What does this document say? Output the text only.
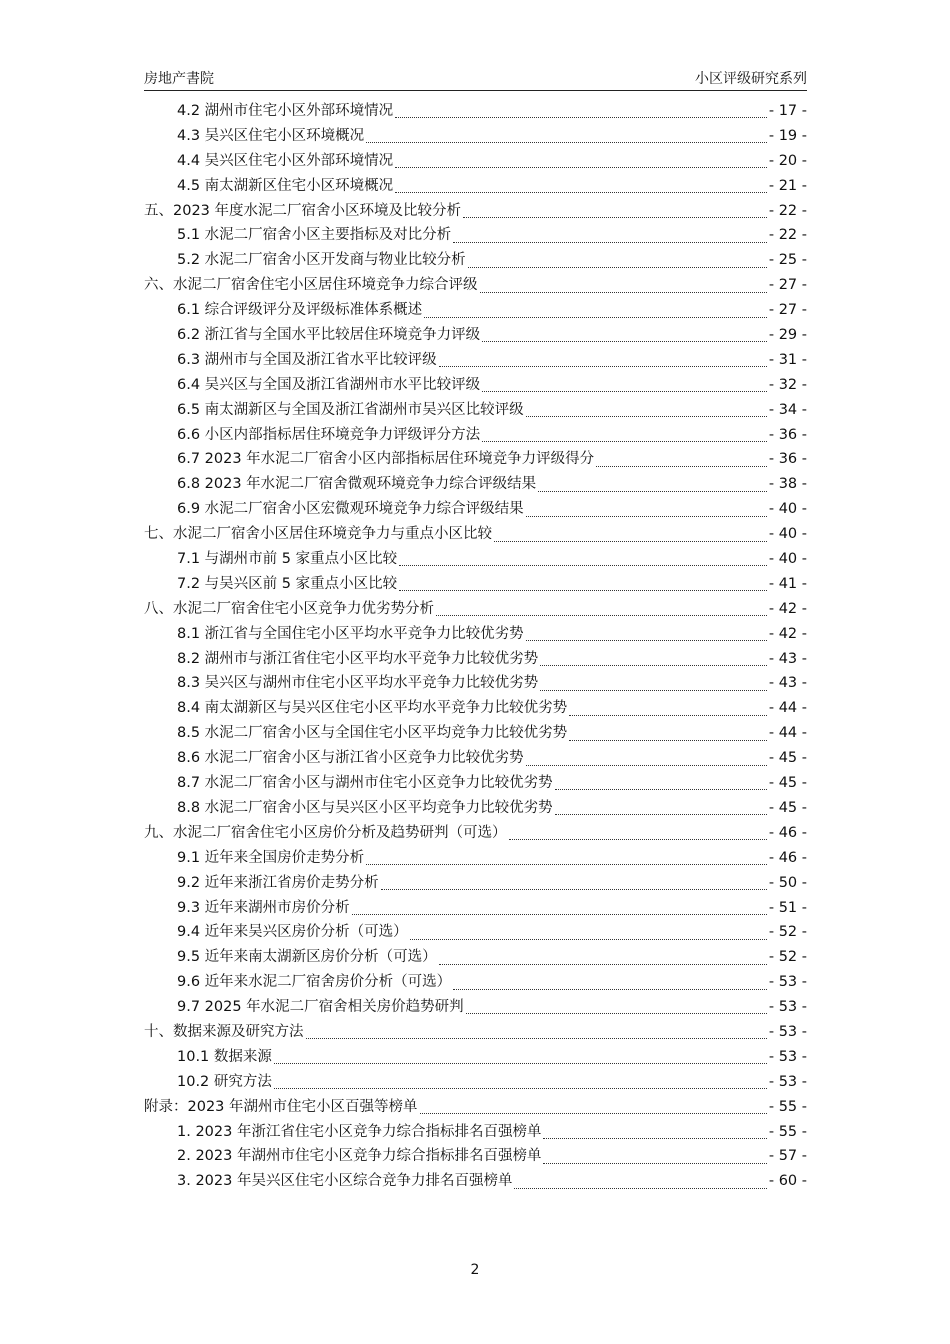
房地产書院	小区评级研究系列
4.2 湖州市住宅小区外部环境情况	- 17 -
4.3 吴兴区住宅小区环境概况	- 19 -
4.4 吴兴区住宅小区外部环境情况	- 20 -
4.5 南太湖新区住宅小区环境概况	- 21 -
五、2023 年度水泥二厂宿舍小区环境及比较分析	- 22 -
5.1 水泥二厂宿舍小区主要指标及对比分析	- 22 -
5.2 水泥二厂宿舍小区开发商与物业比较分析	- 25 -
六、水泥二厂宿舍住宅小区居住环境竞争力综合评级	- 27 -
6.1 综合评级评分及评级标准体系概述	- 27 -
6.2 浙江省与全国水平比较居住环境竞争力评级	- 29 -
6.3 湖州市与全国及浙江省水平比较评级	- 31 -
6.4 吴兴区与全国及浙江省湖州市水平比较评级	- 32 -
6.5 南太湖新区与全国及浙江省湖州市吴兴区比较评级	- 34 -
6.6 小区内部指标居住环境竞争力评级评分方法	- 36 -
6.7 2023 年水泥二厂宿舍小区内部指标居住环境竞争力评级得分	- 36 -
6.8 2023 年水泥二厂宿舍微观环境竞争力综合评级结果	- 38 -
6.9 水泥二厂宿舍小区宏微观环境竞争力综合评级结果	- 40 -
七、水泥二厂宿舍小区居住环境竞争力与重点小区比较	- 40 -
7.1 与湖州市前 5 家重点小区比较	- 40 -
7.2 与吴兴区前 5 家重点小区比较	- 41 -
八、水泥二厂宿舍住宅小区竞争力优劣势分析	- 42 -
8.1 浙江省与全国住宅小区平均水平竞争力比较优劣势	- 42 -
8.2 湖州市与浙江省住宅小区平均水平竞争力比较优劣势	- 43 -
8.3 吴兴区与湖州市住宅小区平均水平竞争力比较优劣势	- 43 -
8.4 南太湖新区与吴兴区住宅小区平均水平竞争力比较优劣势	- 44 -
8.5 水泥二厂宿舍小区与全国住宅小区平均竞争力比较优劣势	- 44 -
8.6 水泥二厂宿舍小区与浙江省小区竞争力比较优劣势	- 45 -
8.7 水泥二厂宿舍小区与湖州市住宅小区竞争力比较优劣势	- 45 -
8.8 水泥二厂宿舍小区与吴兴区小区平均竞争力比较优劣势	- 45 -
九、水泥二厂宿舍住宅小区房价分析及趋势研判（可选）	- 46 -
9.1 近年来全国房价走势分析	- 46 -
9.2 近年来浙江省房价走势分析	- 50 -
9.3 近年来湖州市房价分析	- 51 -
9.4 近年来吴兴区房价分析（可选）	- 52 -
9.5 近年来南太湖新区房价分析（可选）	- 52 -
9.6 近年来水泥二厂宿舍房价分析（可选）	- 53 -
9.7 2025 年水泥二厂宿舍相关房价趋势研判	- 53 -
十、数据来源及研究方法	- 53 -
10.1 数据来源	- 53 -
10.2 研究方法	- 53 -
附录：2023 年湖州市住宅小区百强等榜单	- 55 -
1. 2023 年浙江省住宅小区竞争力综合指标排名百强榜单	- 55 -
2. 2023 年湖州市住宅小区竞争力综合指标排名百强榜单	- 57 -
3. 2023 年吴兴区住宅小区综合竞争力排名百强榜单	- 60 -
2
